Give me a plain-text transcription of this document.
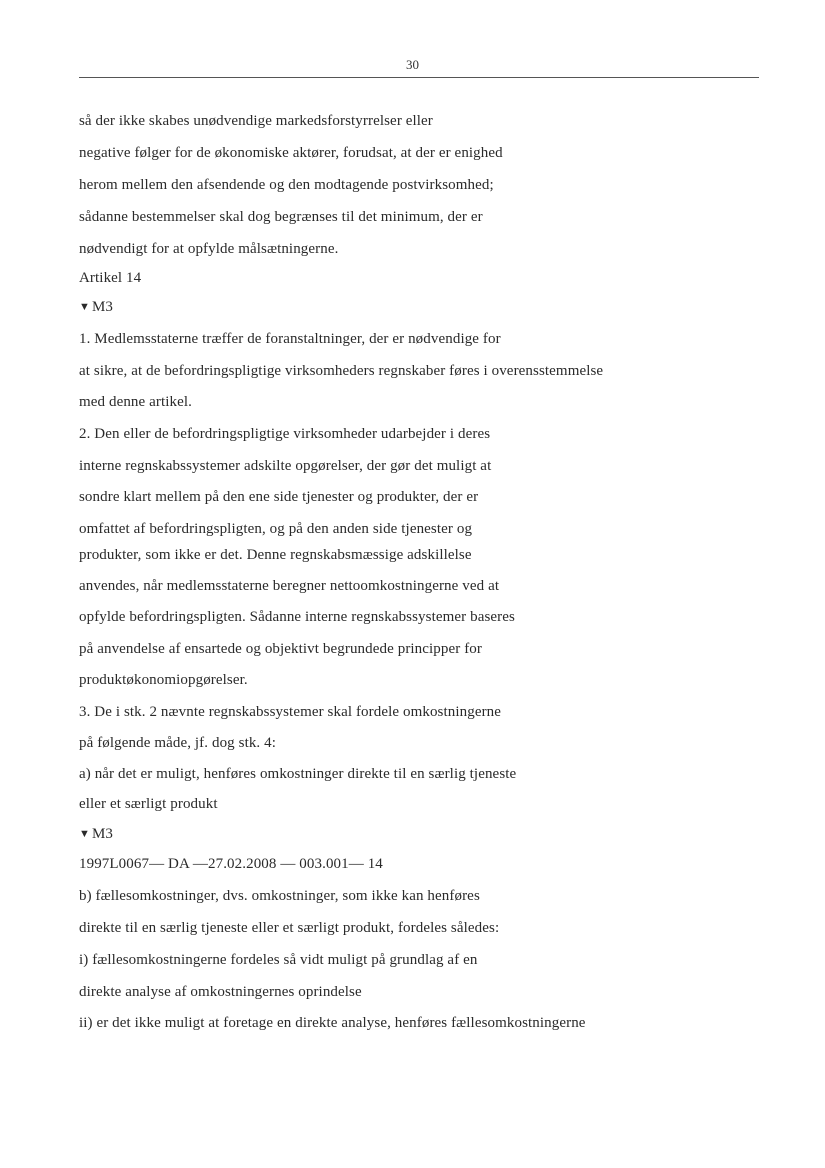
30
så der ikke skabes unødvendige markedsforstyrrelser eller
negative følger for de økonomiske aktører, forudsat, at der er enighed
herom mellem den afsendende og den modtagende postvirksomhed;
sådanne bestemmelser skal dog begrænses til det minimum, der er
nødvendigt for at opfylde målsætningerne.
Artikel 14
▼ M3
1. Medlemsstaterne træffer de foranstaltninger, der er nødvendige for
at sikre, at de befordringspligtige virksomheders regnskaber føres i overensstemmelse
med denne artikel.
2. Den eller de befordringspligtige virksomheder udarbejder i deres
interne regnskabssystemer adskilte opgørelser, der gør det muligt at
sondre klart mellem på den ene side tjenester og produkter, der er
omfattet af befordringspligten, og på den anden side tjenester og
produkter, som ikke er det. Denne regnskabsmæssige adskillelse
anvendes, når medlemsstaterne beregner nettoomkostningerne ved at
opfylde befordringspligten. Sådanne interne regnskabssystemer baseres
på anvendelse af ensartede og objektivt begrundede principper for
produktøkonomiopgørelser.
3. De i stk. 2 nævnte regnskabssystemer skal fordele omkostningerne
på følgende måde, jf. dog stk. 4:
a) når det er muligt, henføres omkostninger direkte til en særlig tjeneste
eller et særligt produkt
▼ M3
1997L0067— DA —27.02.2008 — 003.001— 14
b) fællesomkostninger, dvs. omkostninger, som ikke kan henføres
direkte til en særlig tjeneste eller et særligt produkt, fordeles således:
i) fællesomkostningerne fordeles så vidt muligt på grundlag af en
direkte analyse af omkostningernes oprindelse
ii) er det ikke muligt at foretage en direkte analyse, henføres fællesomkostningerne
